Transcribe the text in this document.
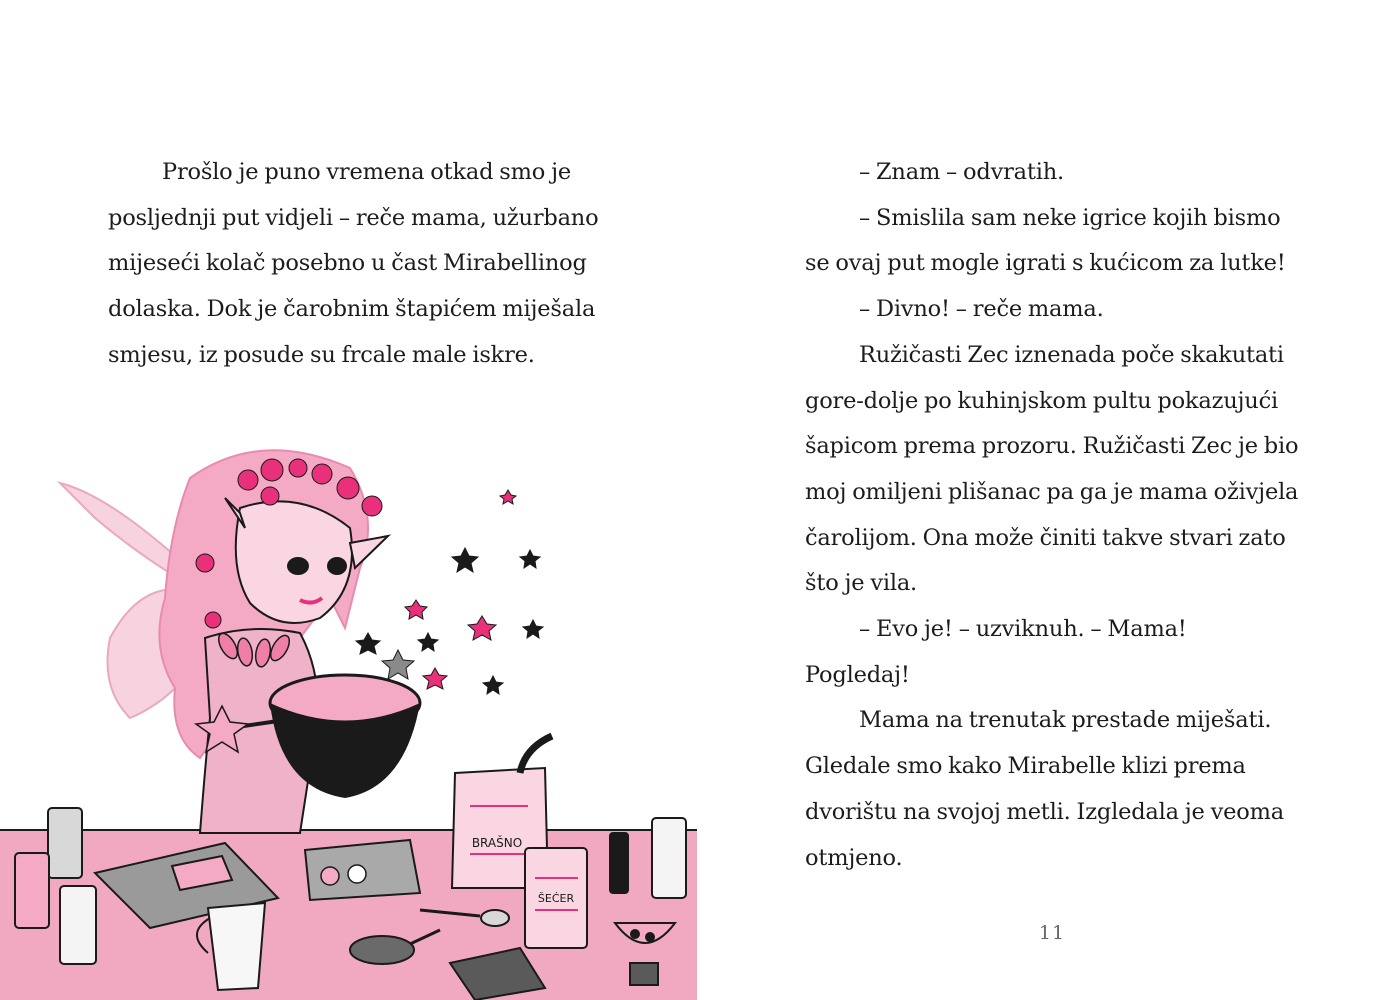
Prošlo je puno vremena otkad smo je
posljednji put vidjeli – reče mama, užurbano
mijeseći kolač posebno u čast Mirabellinog
dolaska. Dok je čarobnim štapićem miješala
smjesu, iz posude su frcale male iskre.
BRAŠNO
ŠEĆER
– Znam – odvratih.
– Smislila sam neke igrice kojih bismo
se ovaj put mogle igrati s kućicom za lutke!
– Divno! – reče mama.
Ružičasti Zec iznenada poče skakutati
gore-dolje po kuhinjskom pultu pokazujući
šapicom prema prozoru. Ružičasti Zec je bio
moj omiljeni plišanac pa ga je mama oživjela
čarolijom. Ona može činiti takve stvari zato
što je vila.
– Evo je! – uzviknuh. – Mama!
Pogledaj!
Mama na trenutak prestade miješati.
Gledale smo kako Mirabelle klizi prema
dvorištu na svojoj metli. Izgledala je veoma
otmjeno.
11
